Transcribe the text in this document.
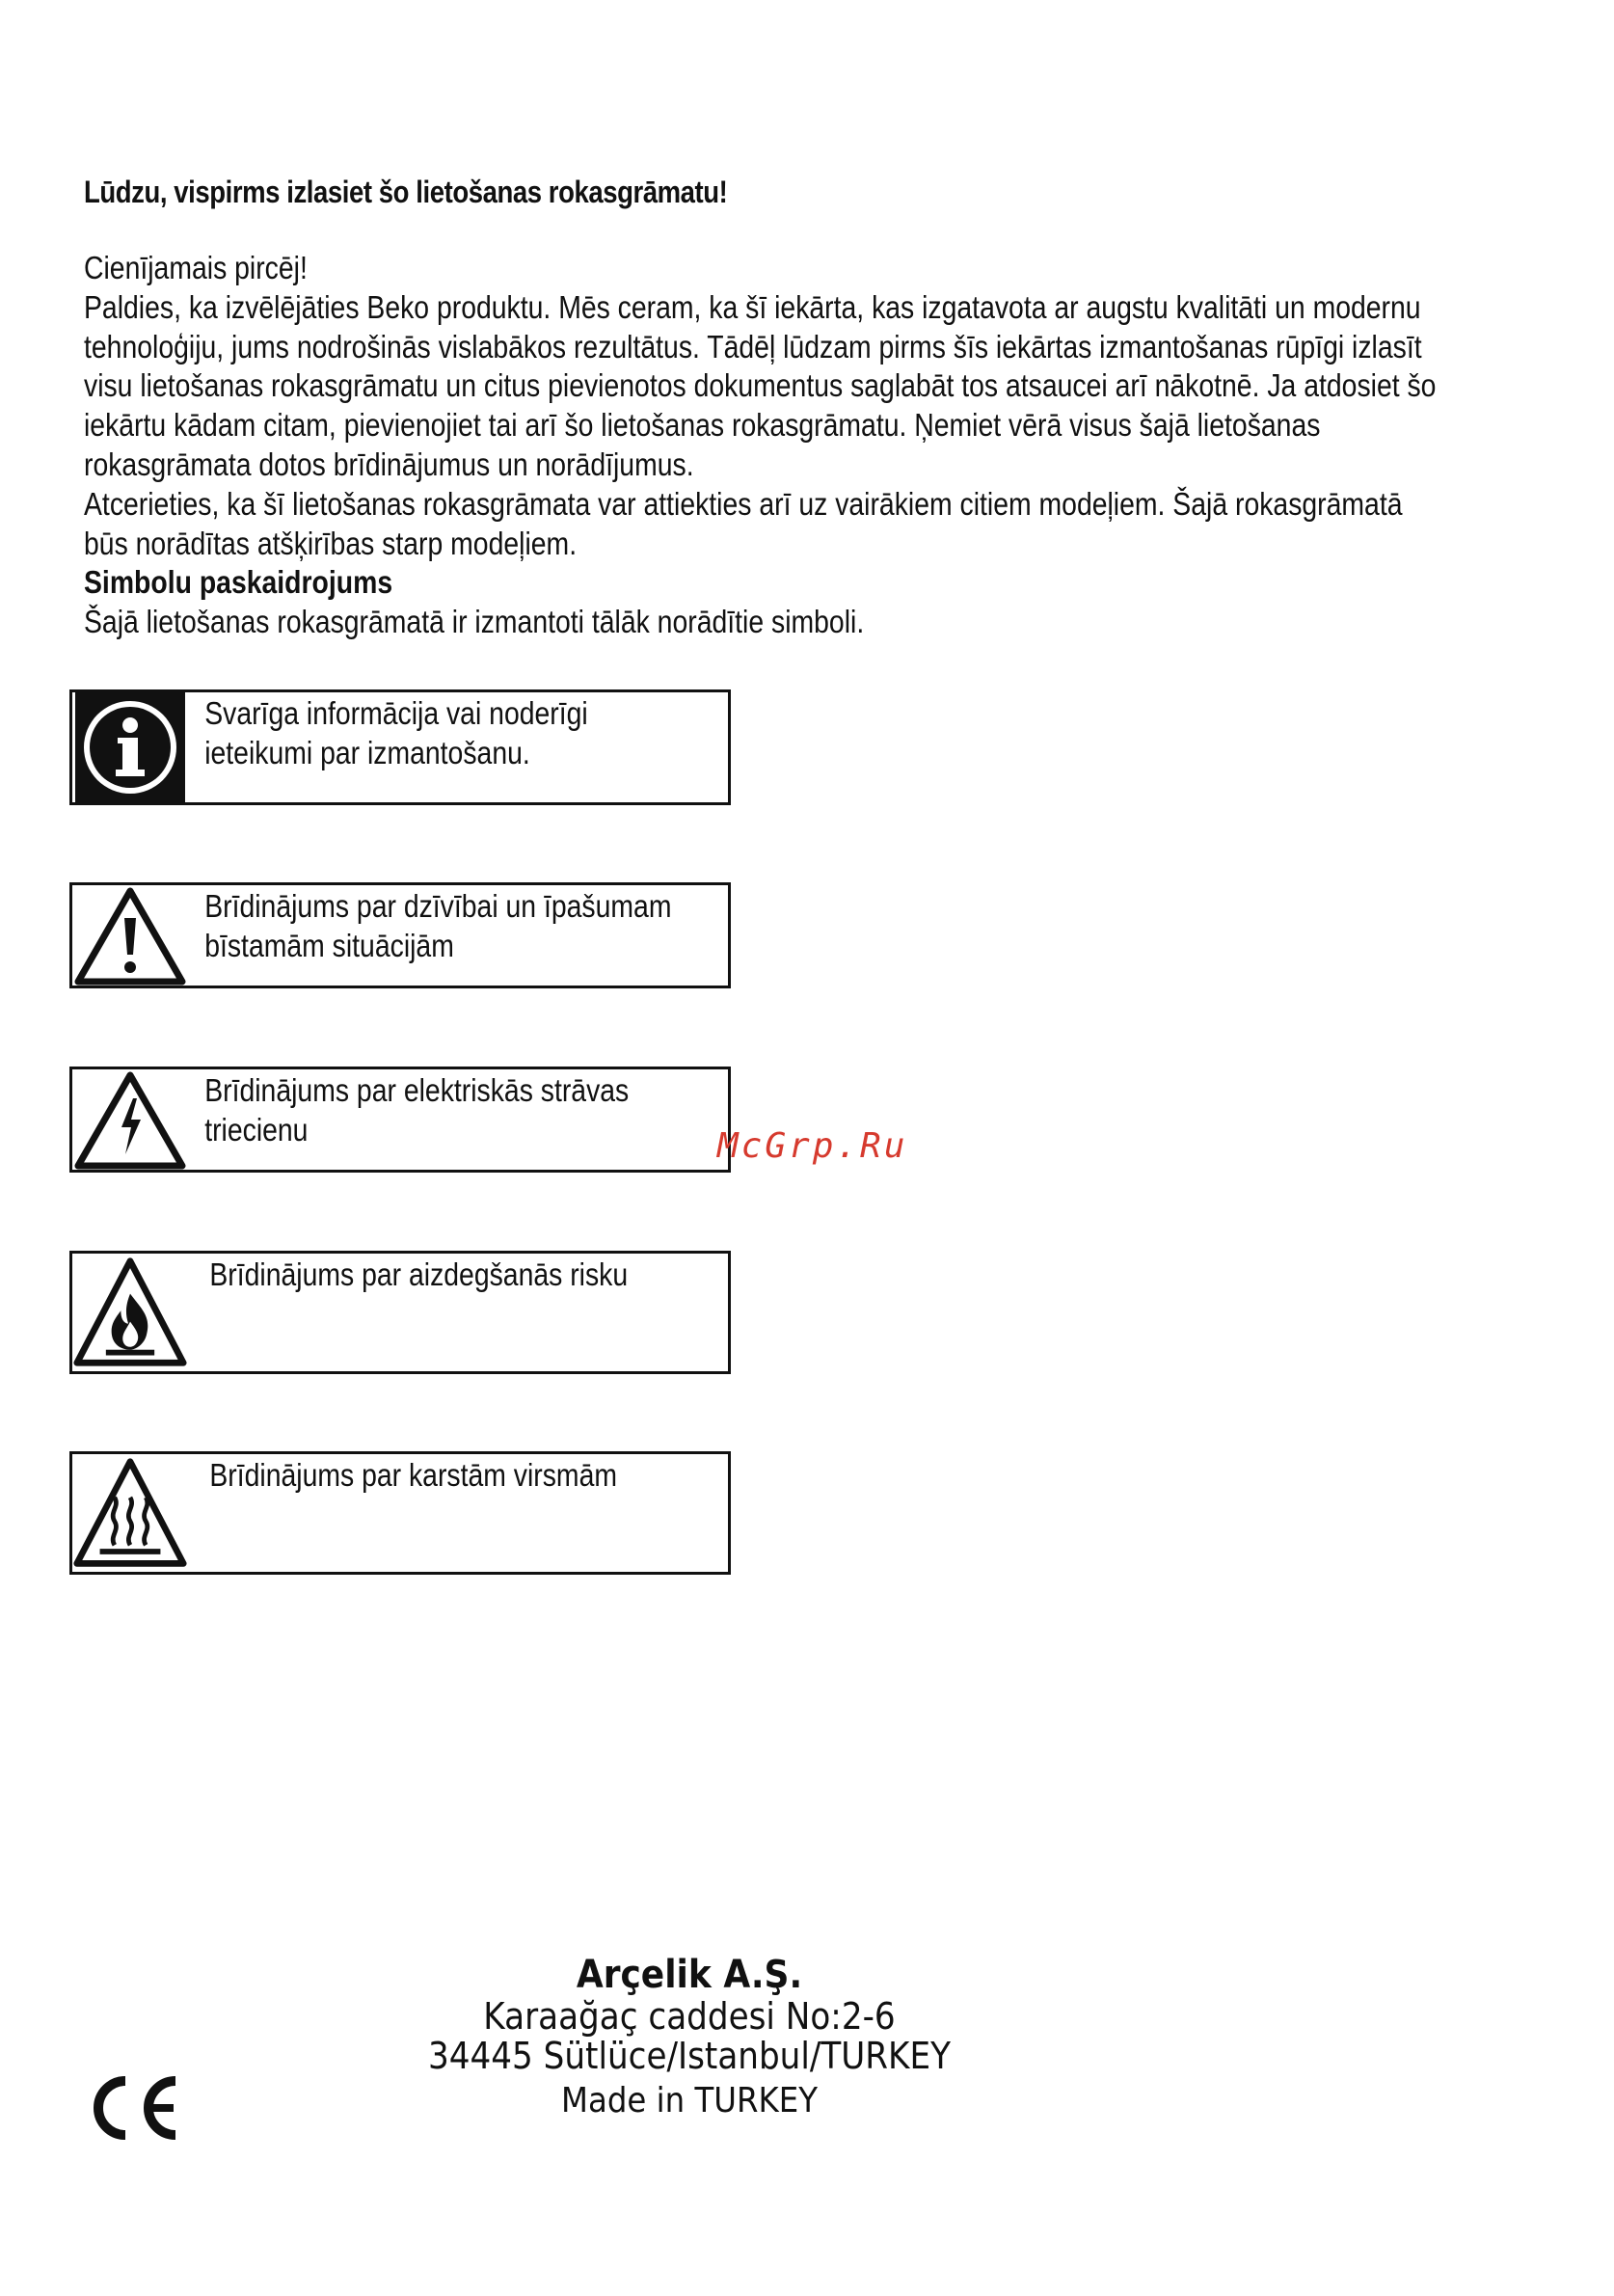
Lūdzu, vispirms izlasiet šo lietošanas rokasgrāmatu!

Cienījamais pircēj!

Paldies, ka izvēlējāties Beko produktu. Mēs ceram, ka šī iekārta, kas izgatavota ar augstu kvalitāti un modernu tehnoloģiju, jums nodrošinās vislabākos rezultātus. Tādēļ lūdzam pirms šīs iekārtas izmantošanas rūpīgi izlasīt visu lietošanas rokasgrāmatu un citus pievienotos dokumentus saglabāt tos atsaucei arī nākotnē. Ja atdosiet šo iekārtu kādam citam, pievienojiet tai arī šo lietošanas rokasgrāmatu. Ņemiet vērā visus šajā lietošanas rokasgrāmata dotos brīdinājumus un norādījumus.

Atcerieties, ka šī lietošanas rokasgrāmata var attiekties arī uz vairākiem citiem modeļiem. Šajā rokasgrāmatā būs norādītas atšķirības starp modeļiem.

Simbolu paskaidrojums

Šajā lietošanas rokasgrāmatā ir izmantoti tālāk norādītie simboli.

Svarīga informācija vai noderīgi
ieteikumi par izmantošanu.
Brīdinājums par dzīvībai un īpašumam
bīstamām situācijām
Brīdinājums par elektriskās strāvas
triecienu
Brīdinājums par aizdegšanās risku
Brīdinājums par karstām virsmām
McGrp.Ru
Arçelik A.Ş.
Karaağaç caddesi No:2-6
34445 Sütlüce/Istanbul/TURKEY
Made in TURKEY
